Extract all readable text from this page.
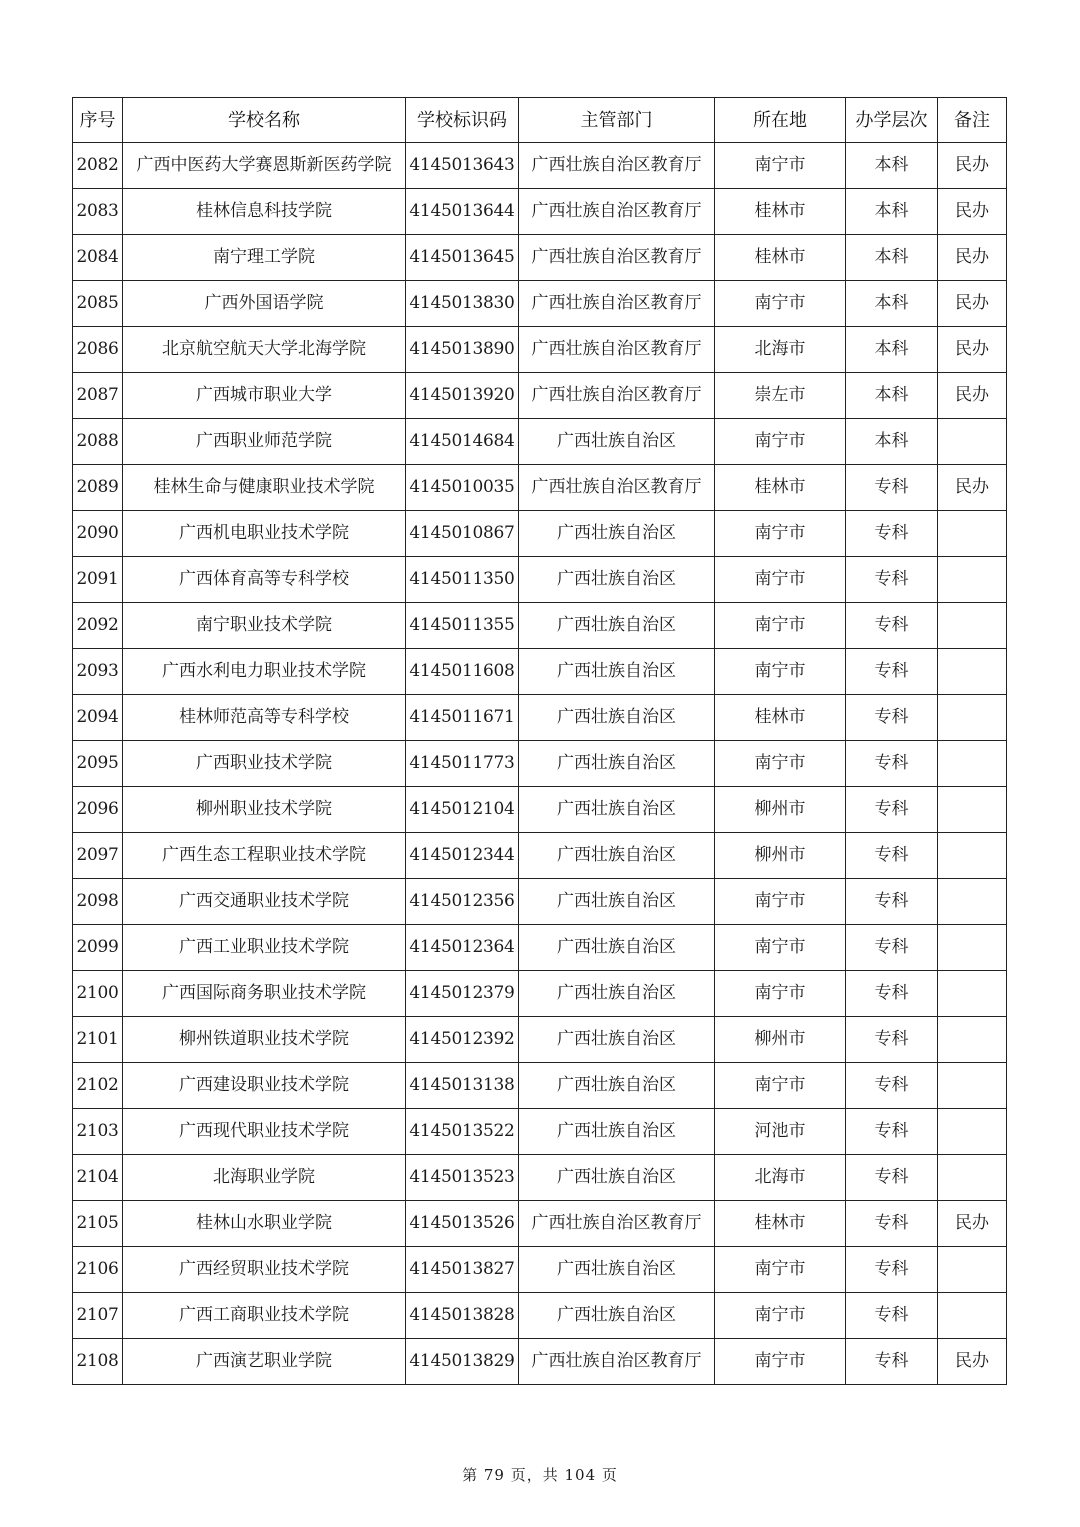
序号	学校名称	学校标识码	主管部门	所在地	办学层次	备注
2082	广西中医药大学赛恩斯新医药学院	4145013643	广西壮族自治区教育厅	南宁市	本科	民办
2083	桂林信息科技学院	4145013644	广西壮族自治区教育厅	桂林市	本科	民办
2084	南宁理工学院	4145013645	广西壮族自治区教育厅	桂林市	本科	民办
2085	广西外国语学院	4145013830	广西壮族自治区教育厅	南宁市	本科	民办
2086	北京航空航天大学北海学院	4145013890	广西壮族自治区教育厅	北海市	本科	民办
2087	广西城市职业大学	4145013920	广西壮族自治区教育厅	崇左市	本科	民办
2088	广西职业师范学院	4145014684	广西壮族自治区	南宁市	本科	
2089	桂林生命与健康职业技术学院	4145010035	广西壮族自治区教育厅	桂林市	专科	民办
2090	广西机电职业技术学院	4145010867	广西壮族自治区	南宁市	专科	
2091	广西体育高等专科学校	4145011350	广西壮族自治区	南宁市	专科	
2092	南宁职业技术学院	4145011355	广西壮族自治区	南宁市	专科	
2093	广西水利电力职业技术学院	4145011608	广西壮族自治区	南宁市	专科	
2094	桂林师范高等专科学校	4145011671	广西壮族自治区	桂林市	专科	
2095	广西职业技术学院	4145011773	广西壮族自治区	南宁市	专科	
2096	柳州职业技术学院	4145012104	广西壮族自治区	柳州市	专科	
2097	广西生态工程职业技术学院	4145012344	广西壮族自治区	柳州市	专科	
2098	广西交通职业技术学院	4145012356	广西壮族自治区	南宁市	专科	
2099	广西工业职业技术学院	4145012364	广西壮族自治区	南宁市	专科	
2100	广西国际商务职业技术学院	4145012379	广西壮族自治区	南宁市	专科	
2101	柳州铁道职业技术学院	4145012392	广西壮族自治区	柳州市	专科	
2102	广西建设职业技术学院	4145013138	广西壮族自治区	南宁市	专科	
2103	广西现代职业技术学院	4145013522	广西壮族自治区	河池市	专科	
2104	北海职业学院	4145013523	广西壮族自治区	北海市	专科	
2105	桂林山水职业学院	4145013526	广西壮族自治区教育厅	桂林市	专科	民办
2106	广西经贸职业技术学院	4145013827	广西壮族自治区	南宁市	专科	
2107	广西工商职业技术学院	4145013828	广西壮族自治区	南宁市	专科	
2108	广西演艺职业学院	4145013829	广西壮族自治区教育厅	南宁市	专科	民办
第 79 页，共 104 页
